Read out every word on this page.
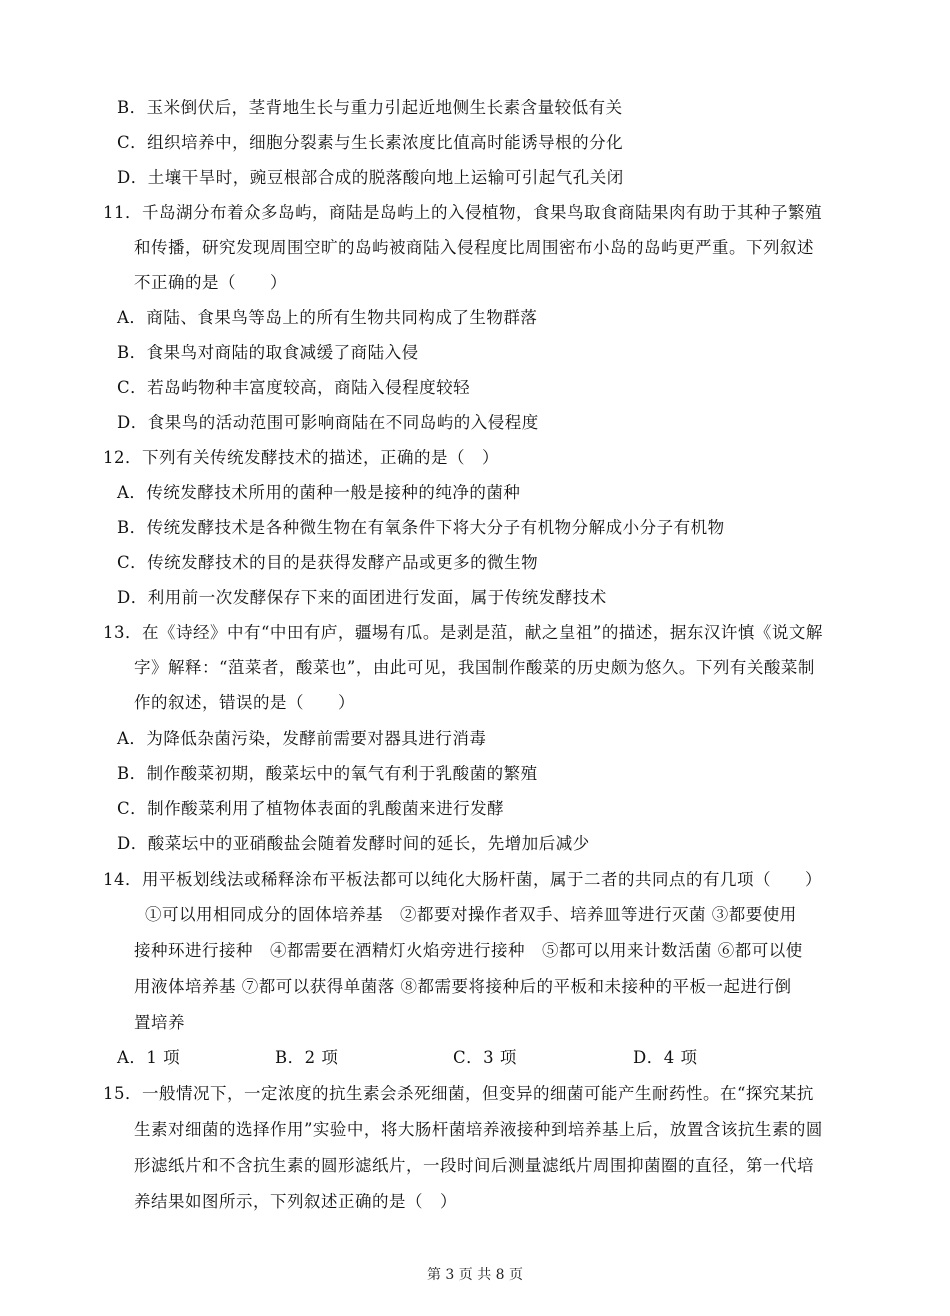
B．玉米倒伏后，茎背地生长与重力引起近地侧生长素含量较低有关
C．组织培养中，细胞分裂素与生长素浓度比值高时能诱导根的分化
D．土壤干旱时，豌豆根部合成的脱落酸向地上运输可引起气孔关闭
11．千岛湖分布着众多岛屿，商陆是岛屿上的入侵植物，食果鸟取食商陆果肉有助于其种子繁殖
和传播，研究发现周围空旷的岛屿被商陆入侵程度比周围密布小岛的岛屿更严重。下列叙述
不正确的是（　　）
A．商陆、食果鸟等岛上的所有生物共同构成了生物群落
B．食果鸟对商陆的取食减缓了商陆入侵
C．若岛屿物种丰富度较高，商陆入侵程度较轻
D．食果鸟的活动范围可影响商陆在不同岛屿的入侵程度
12．下列有关传统发酵技术的描述，正确的是（　）
A．传统发酵技术所用的菌种一般是接种的纯净的菌种
B．传统发酵技术是各种微生物在有氧条件下将大分子有机物分解成小分子有机物
C．传统发酵技术的目的是获得发酵产品或更多的微生物
D．利用前一次发酵保存下来的面团进行发面，属于传统发酵技术
13．在《诗经》中有“中田有庐，疆埸有瓜。是剥是菹，献之皇祖”的描述，据东汉许慎《说文解
字》解释：“菹菜者，酸菜也”，由此可见，我国制作酸菜的历史颇为悠久。下列有关酸菜制
作的叙述，错误的是（　　）
A．为降低杂菌污染，发酵前需要对器具进行消毒
B．制作酸菜初期，酸菜坛中的氧气有利于乳酸菌的繁殖
C．制作酸菜利用了植物体表面的乳酸菌来进行发酵
D．酸菜坛中的亚硝酸盐会随着发酵时间的延长，先增加后减少
14．用平板划线法或稀释涂布平板法都可以纯化大肠杆菌，属于二者的共同点的有几项（　　）
①可以用相同成分的固体培养基　②都要对操作者双手、培养皿等进行灭菌 ③都要使用
接种环进行接种　④都需要在酒精灯火焰旁进行接种　⑤都可以用来计数活菌 ⑥都可以使
用液体培养基 ⑦都可以获得单菌落 ⑧都需要将接种后的平板和未接种的平板一起进行倒
置培养
A．1 项	B．2 项	C．3 项	D．4 项
15．一般情况下，一定浓度的抗生素会杀死细菌，但变异的细菌可能产生耐药性。在“探究某抗
生素对细菌的选择作用”实验中，将大肠杆菌培养液接种到培养基上后，放置含该抗生素的圆
形滤纸片和不含抗生素的圆形滤纸片，一段时间后测量滤纸片周围抑菌圈的直径，第一代培
养结果如图所示，下列叙述正确的是（　）
第 3 页 共 8 页
